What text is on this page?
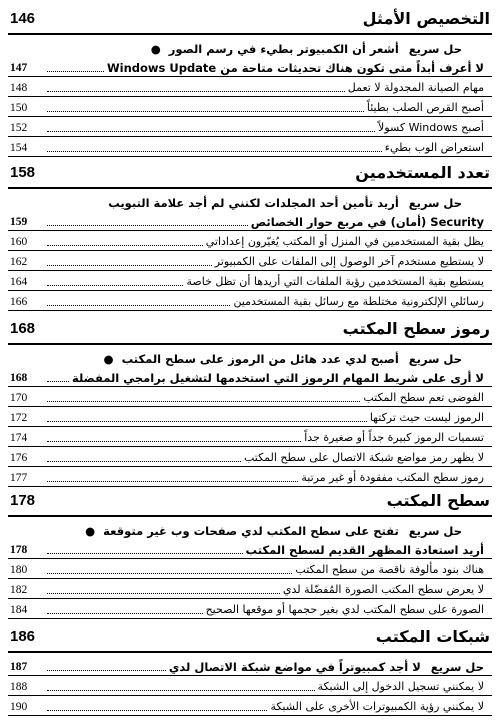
146	التخصيص الأمثل
حل سريع أشعر أن الكمبيوتر بطيء في رسم الصور ●
147	لا أعرف أبداً متى تكون هناك تحديثات متاحة من Windows Update
148	مهام الصيانة المجدولة لا تعمل
150	أصبح القرص الصلب بطيئاً
152	أصبح Windows كسولاً
154	استعراض الوب بطيء
158	تعدد المستخدمين
حل سريع أريد تأمين أحد المجلدات لكنني لم أجد علامة التبويب
159	Security (أمان) في مربع حوار الخصائص
160	يظل بقية المستخدمين في المنزل أو المكتب يُغيّرون إعداداتي
162	لا يستطيع مستخدم آخر الوصول إلى الملفات على الكمبيوتر
164	يستطيع بقية المستخدمين رؤية الملفات التي أريدها أن تظل خاصة
166	رسائلي الإلكترونية مختلطة مع رسائل بقية المستخدمين
168	رموز سطح المكتب
حل سريع أصبح لدي عدد هائل من الرموز على سطح المكتب ●
168	لا أرى على شريط المهام الرموز التي استخدمها لتشغيل برامجي المفضلة
170	الفوضى تعم سطح المكتب
172	الرموز ليست حيث تركتها
174	تسميات الرموز كبيرة جداً أو صغيرة جداً
176	لا يظهر رمز مواضع شبكة الاتصال على سطح المكتب
177	رموز سطح المكتب مفقودة أو غير مرتبة
178	سطح المكتب
حل سريع تفتح على سطح المكتب لدي صفحات وب غير متوقعة ●
178	أريد استعادة المظهر القديم لسطح المكتب
180	هناك بنود مألوفة ناقصة من سطح المكتب
182	لا يعرض سطح المكتب الصورة المُفضّلة لدي
184	الصورة على سطح المكتب لدي بغير حجمها أو موقعها الصحيح
186	شبكات المكتب
187	حل سريع لا أجد كمبيوتراً في مواضع شبكة الاتصال لدي
188	لا يمكنني تسجيل الدخول إلى الشبكة
190	لا يمكنني رؤية الكمبيوترات الأخرى على الشبكة
